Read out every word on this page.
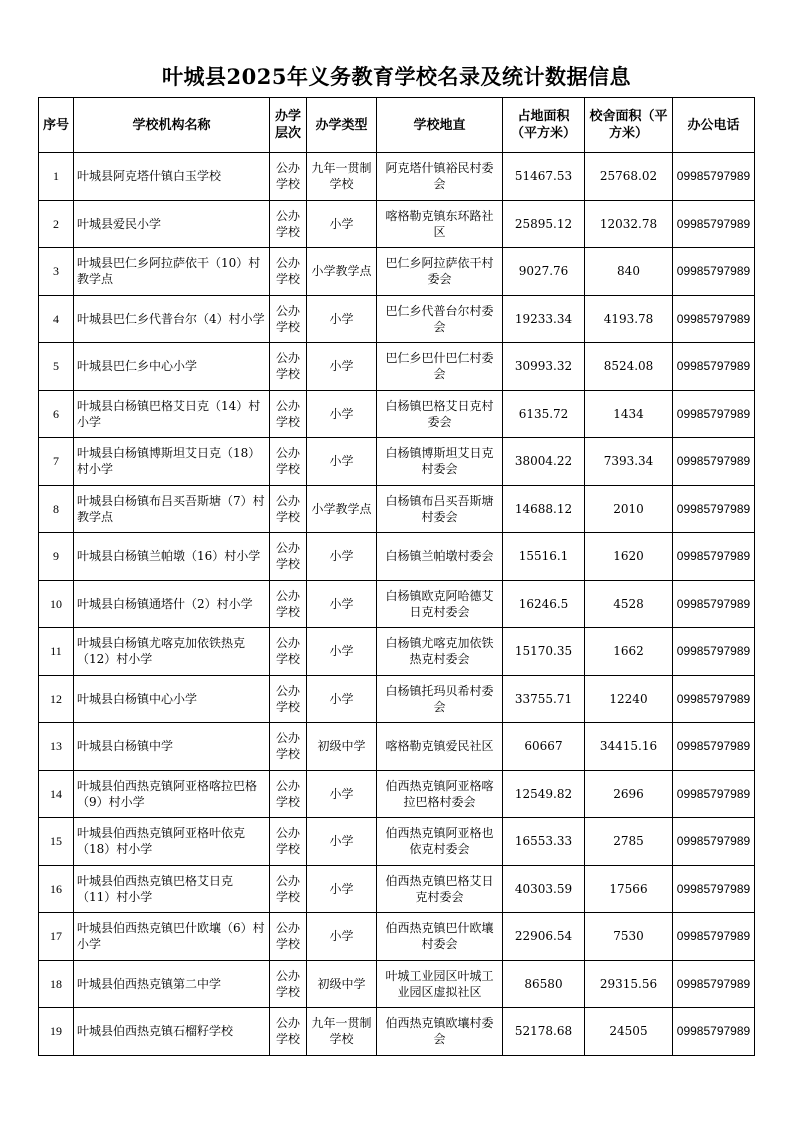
叶城县2025年义务教育学校名录及统计数据信息
序号	学校机构名称	办学层次	办学类型	学校地直	占地面积（平方米）	校舍面积（平方米）	办公电话
1	叶城县阿克塔什镇白玉学校	公办学校	九年一贯制学校	阿克塔什镇裕民村委会	51467.53	25768.02	09985797989
2	叶城县爱民小学	公办学校	小学	喀格勒克镇东环路社区	25895.12	12032.78	09985797989
3	叶城县巴仁乡阿拉萨依干（10）村教学点	公办学校	小学教学点	巴仁乡阿拉萨依干村委会	9027.76	840	09985797989
4	叶城县巴仁乡代普台尔（4）村小学	公办学校	小学	巴仁乡代普台尔村委会	19233.34	4193.78	09985797989
5	叶城县巴仁乡中心小学	公办学校	小学	巴仁乡巴什巴仁村委会	30993.32	8524.08	09985797989
6	叶城县白杨镇巴格艾日克（14）村小学	公办学校	小学	白杨镇巴格艾日克村委会	6135.72	1434	09985797989
7	叶城县白杨镇博斯坦艾日克（18）村小学	公办学校	小学	白杨镇博斯坦艾日克村委会	38004.22	7393.34	09985797989
8	叶城县白杨镇布吕买吾斯塘（7）村教学点	公办学校	小学教学点	白杨镇布吕买吾斯塘村委会	14688.12	2010	09985797989
9	叶城县白杨镇兰帕墩（16）村小学	公办学校	小学	白杨镇兰帕墩村委会	15516.1	1620	09985797989
10	叶城县白杨镇通塔什（2）村小学	公办学校	小学	白杨镇欧克阿哈德艾日克村委会	16246.5	4528	09985797989
11	叶城县白杨镇尤喀克加依铁热克（12）村小学	公办学校	小学	白杨镇尤喀克加依铁热克村委会	15170.35	1662	09985797989
12	叶城县白杨镇中心小学	公办学校	小学	白杨镇托玛贝希村委会	33755.71	12240	09985797989
13	叶城县白杨镇中学	公办学校	初级中学	喀格勒克镇爱民社区	60667	34415.16	09985797989
14	叶城县伯西热克镇阿亚格喀拉巴格（9）村小学	公办学校	小学	伯西热克镇阿亚格喀拉巴格村委会	12549.82	2696	09985797989
15	叶城县伯西热克镇阿亚格叶依克（18）村小学	公办学校	小学	伯西热克镇阿亚格也依克村委会	16553.33	2785	09985797989
16	叶城县伯西热克镇巴格艾日克（11）村小学	公办学校	小学	伯西热克镇巴格艾日克村委会	40303.59	17566	09985797989
17	叶城县伯西热克镇巴什欧壤（6）村小学	公办学校	小学	伯西热克镇巴什欧壤村委会	22906.54	7530	09985797989
18	叶城县伯西热克镇第二中学	公办学校	初级中学	叶城工业园区叶城工业园区虚拟社区	86580	29315.56	09985797989
19	叶城县伯西热克镇石榴籽学校	公办学校	九年一贯制学校	伯西热克镇欧壤村委会	52178.68	24505	09985797989
